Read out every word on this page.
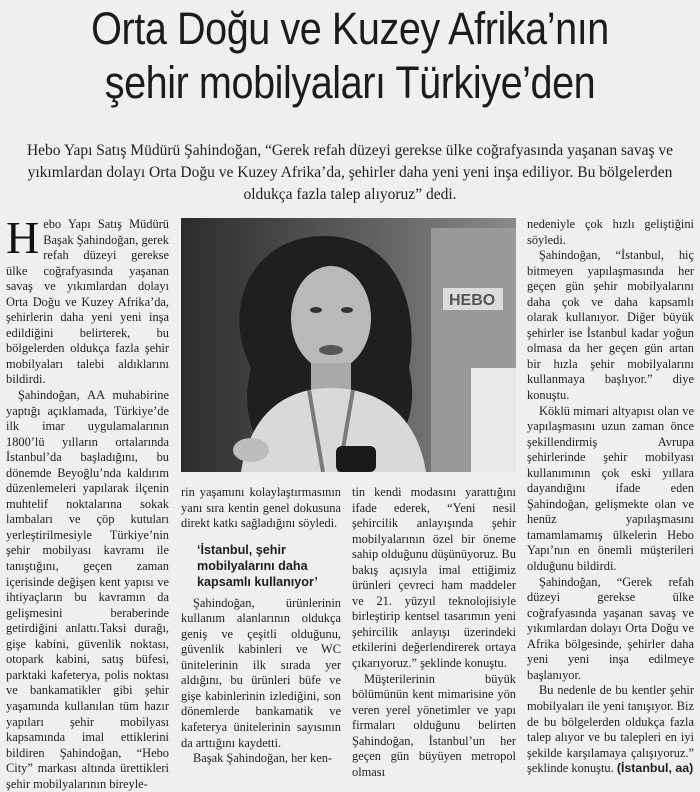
Orta Doğu ve Kuzey Afrika’nın
şehir mobilyaları Türkiye’den
Hebo Yapı Satış Müdürü Şahindoğan, “Gerek refah düzeyi gerekse ülke coğrafyasında yaşanan savaş ve yıkımlardan dolayı Orta Doğu ve Kuzey Afrika’da, şehirler daha yeni yeni inşa ediliyor. Bu bölgelerden oldukça fazla talep alıyoruz” dedi.

Hebo Yapı Satış Müdürü Başak Şahindoğan, gerek refah düzeyi gerekse ülke coğrafyasında yaşanan savaş ve yıkımlardan dolayı Orta Doğu ve Kuzey Afrika’da, şehirlerin daha yeni yeni inşa edildiğini belirterek, bu bölgelerden oldukça fazla şehir mobilyaları talebi aldıklarını bildirdi.

Şahindoğan, AA muhabirine yaptığı açıklamada, Türkiye’de ilk imar uygulamalarının 1800’lü yılların ortalarında İstanbul’da başladığını, bu dönemde Beyoğlu’nda kaldırım düzenlemeleri yapılarak ilçenin muhtelif noktalarına sokak lambaları ve çöp kutuları yerleştirilmesiyle Türkiye’nin şehir mobilyası kavramı ile tanıştığını, geçen zaman içerisinde değişen kent yapısı ve ihtiyaçların bu kavramın da gelişmesini beraberinde getirdiğini anlattı.Taksi durağı, gişe kabini, güvenlik noktası, otopark kabini, satış büfesi, parktaki kafeterya, polis noktası ve bankamatikler gibi şehir yaşamında kullanılan tüm hazır yapıları şehir mobilyası kapsamında imal ettiklerini bildiren Şahindoğan, “Hebo City” markası altında ürettikleri şehir mobilyalarının bireyle-

HEBO

rin yaşamını kolaylaştırmasının yanı sıra kentin genel dokusuna direkt katkı sağladığını söyledi.

‘İstanbul, şehir mobilyalarını daha kapsamlı kullanıyor’

Şahindoğan, ürünlerinin kullanım alanlarının oldukça geniş ve çeşitli olduğunu, güvenlik kabinleri ve WC ünitelerinin ilk sırada yer aldığını, bu ürünleri büfe ve gişe kabinlerinin izlediğini, son dönemlerde bankamatik ve kafeterya ünitelerinin sayısının da arttığını kaydetti.

Başak Şahindoğan, her ken-

tin kendi modasını yarattığını ifade ederek, “Yeni nesil şehircilik anlayışında şehir mobilyalarının özel bir öneme sahip olduğunu düşünüyoruz. Bu bakış açısıyla imal ettiğimiz ürünleri çevreci ham maddeler ve 21. yüzyıl teknolojisiyle birleştirip kentsel tasarımın yeni şehircilik anlayışı üzerindeki etkilerini değerlendirerek ortaya çıkarıyoruz.” şeklinde konuştu.

Müşterilerinin büyük bölümünün kent mimarisine yön veren yerel yönetimler ve yapı firmaları olduğunu belirten Şahindoğan, İstanbul’un her geçen gün büyüyen metropol olması

nedeniyle çok hızlı geliştiğini söyledi.

Şahindoğan, “İstanbul, hiç bitmeyen yapılaşmasında her geçen gün şehir mobilyalarını daha çok ve daha kapsamlı olarak kullanıyor. Diğer büyük şehirler ise İstanbul kadar yoğun olmasa da her geçen gün artan bir hızla şehir mobilyalarını kullanmaya başlıyor.” diye konuştu.

Köklü mimari altyapısı olan ve yapılaşmasını uzun zaman önce şekillendirmiş Avrupa şehirlerinde şehir mobilyası kullanımının çok eski yıllara dayandığını ifade eden Şahindoğan, gelişmekte olan ve henüz yapılaşmasını tamamlamamış ülkelerin Hebo Yapı’nın en önemli müşterileri olduğunu bildirdi.

Şahindoğan, “Gerek refah düzeyi gerekse ülke coğrafyasında yaşanan savaş ve yıkımlardan dolayı Orta Doğu ve Afrika bölgesinde, şehirler daha yeni yeni inşa edilmeye başlanıyor.

Bu nedenle de bu kentler şehir mobilyaları ile yeni tanışıyor. Biz de bu bölgelerden oldukça fazla talep alıyor ve bu talepleri en iyi şekilde karşılamaya çalışıyoruz.” şeklinde konuştu. (İstanbul, aa)
